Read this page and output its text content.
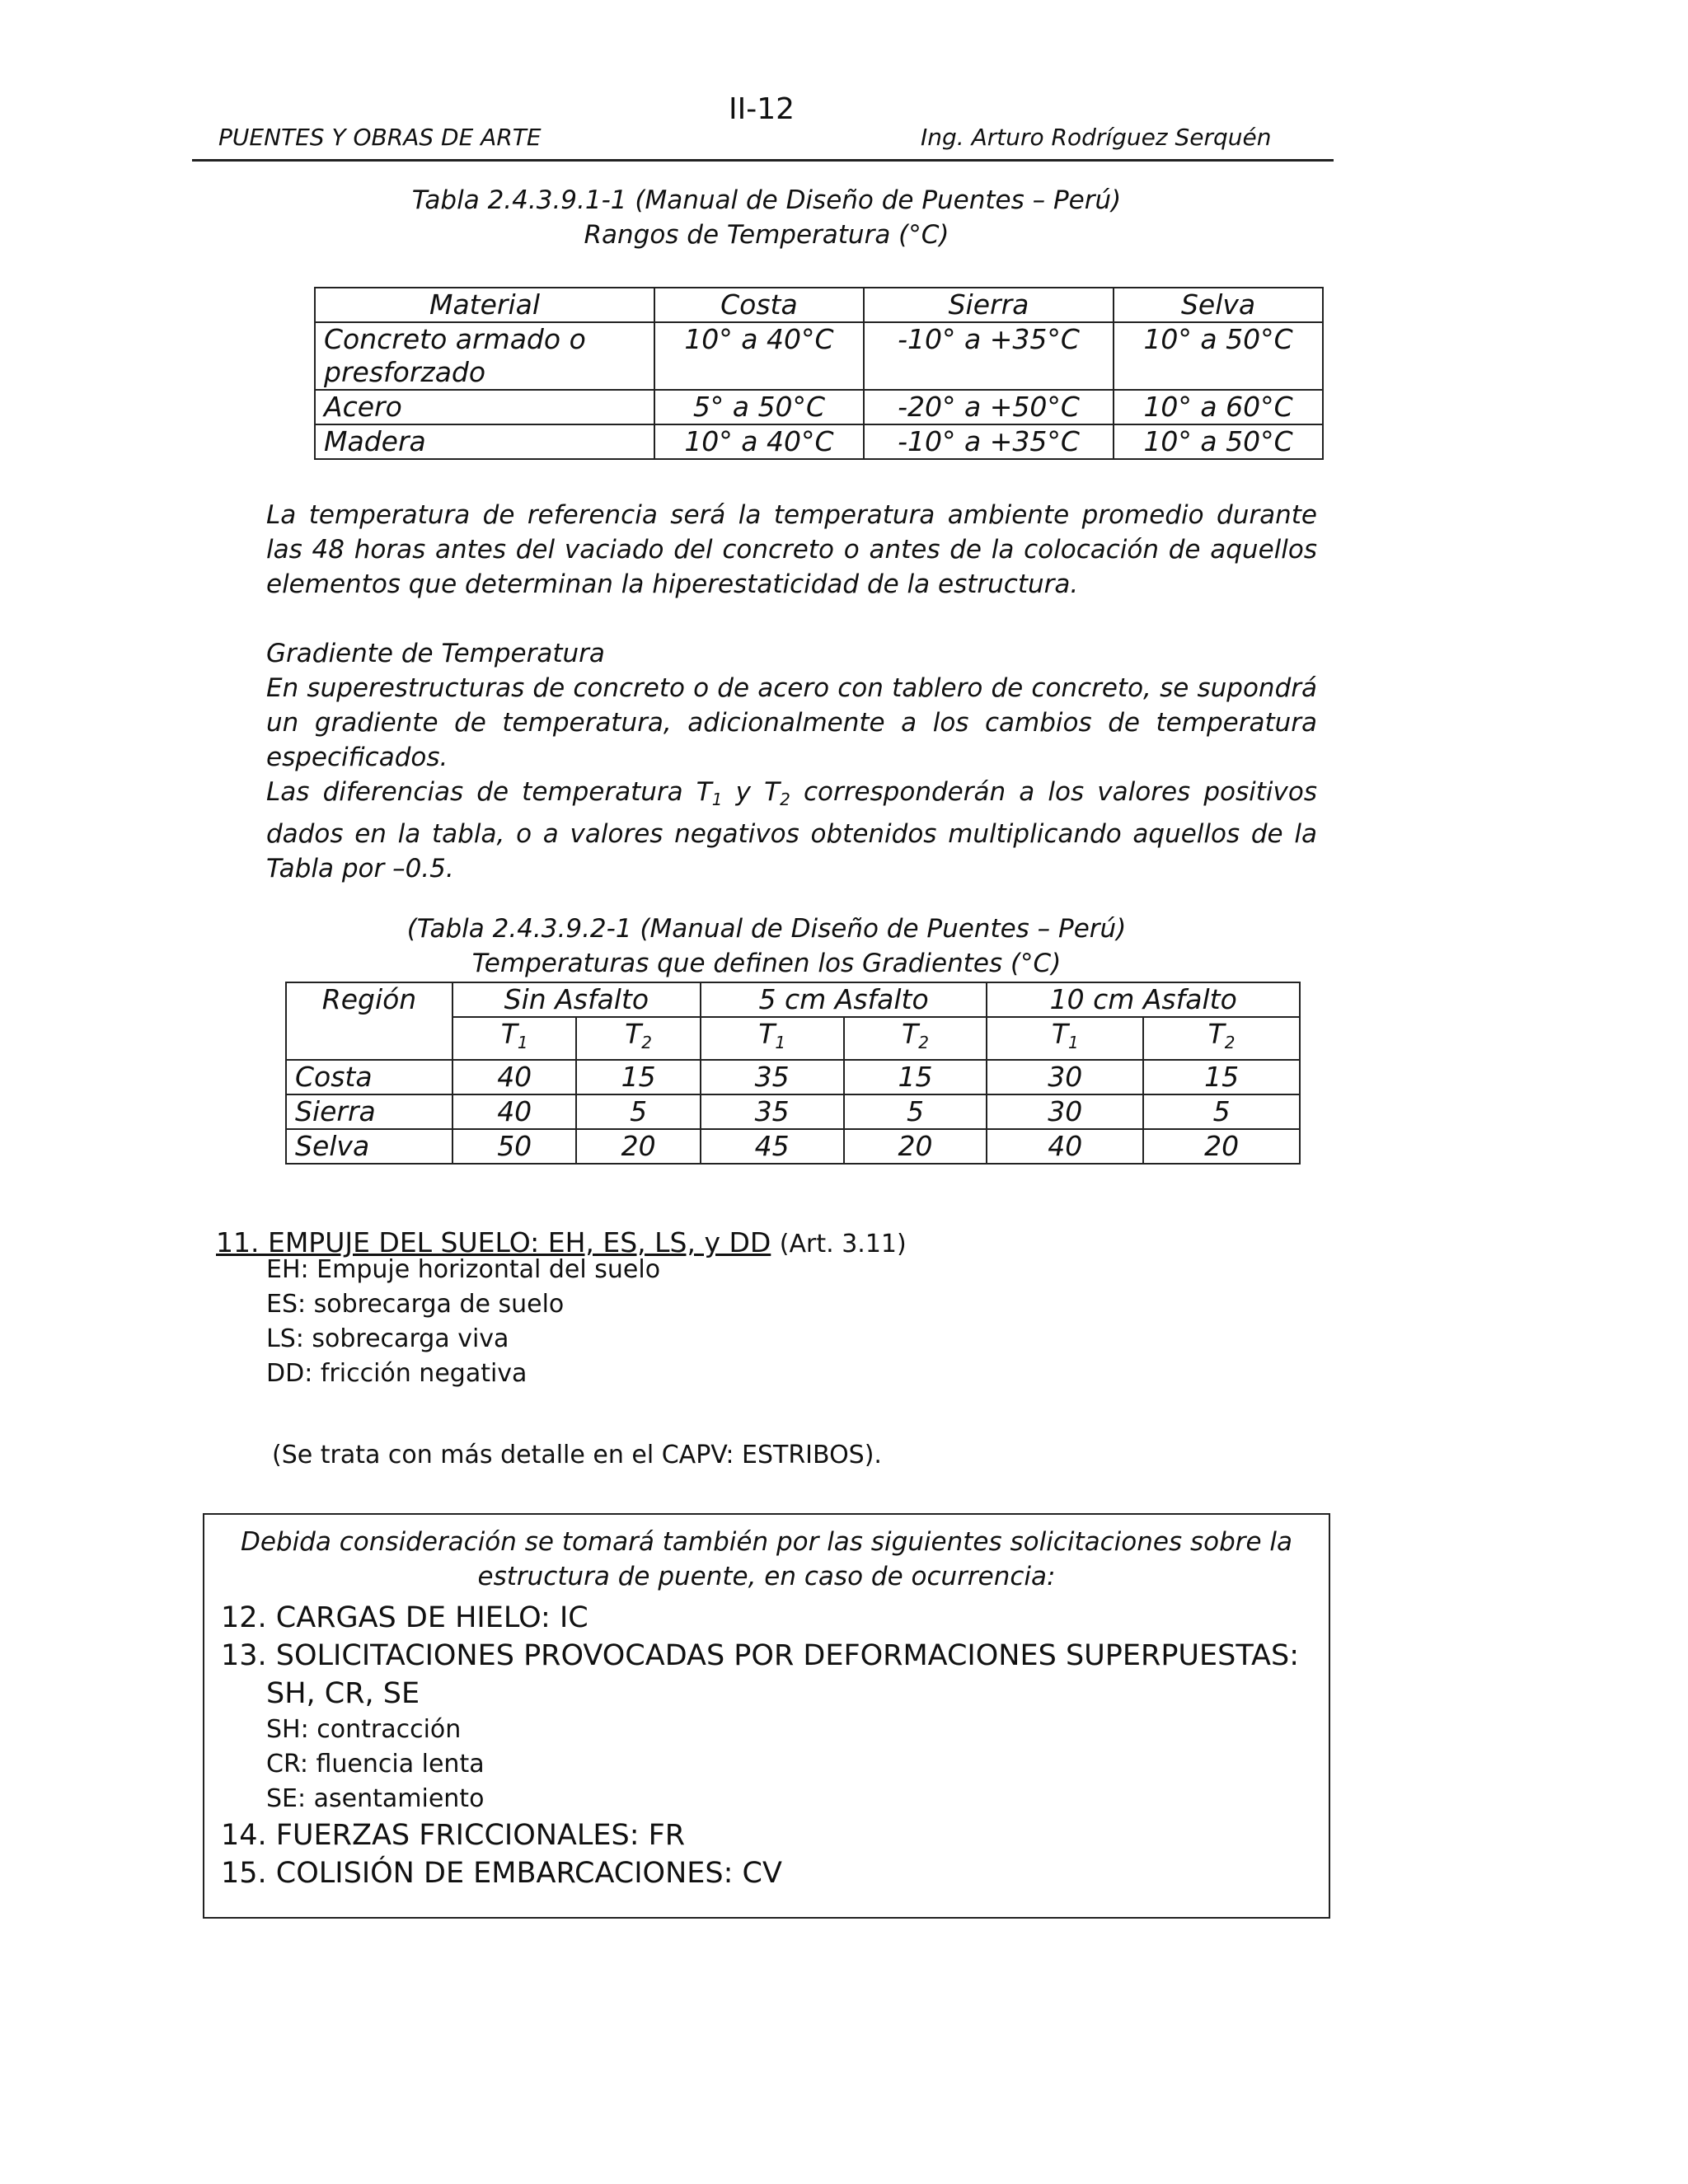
II-12
PUENTES Y OBRAS DE ARTE	Ing. Arturo Rodríguez Serquén
Tabla 2.4.3.9.1-1 (Manual de Diseño de Puentes – Perú)
Rangos de Temperatura (°C)
Material	Costa	Sierra	Selva

Concreto armado o
presforzado	10° a 40°C	-10° a +35°C	10° a 50°C
Acero	5° a 50°C	-20° a +50°C	10° a 60°C
Madera	10° a 40°C	-10° a +35°C	10° a 50°C

La temperatura de referencia será la temperatura ambiente promedio durante las 48 horas antes del vaciado del concreto o antes de la colocación de aquellos elementos que determinan la hiperestaticidad de la estructura.

Gradiente de Temperatura

En superestructuras de concreto o de acero con tablero de concreto, se supondrá un gradiente de temperatura, adicionalmente a los cambios de temperatura especificados.

Las diferencias de temperatura $T_1$ y $T_2$ corresponderán a los valores positivos dados en la tabla, o a valores negativos obtenidos multiplicando aquellos de la Tabla por –0.5.

(Tabla 2.4.3.9.2-1 (Manual de Diseño de Puentes – Perú)
Temperaturas que definen los Gradientes (°C)
Región	Sin Asfalto		5 cm Asfalto		10 cm Asfalto	
	$T_1$	$T_2$	$T_1$	$T_2$	$T_1$	$T_2$
Costa	40	15	35	15	30	15
Sierra	40	5	35	5	30	5
Selva	50	20	45	20	40	20
11. EMPUJE DEL SUELO: EH, ES, LS, y DD (Art. 3.11)
EH: Empuje horizontal del suelo
ES: sobrecarga de suelo
LS: sobrecarga viva
DD: fricción negativa
(Se trata con más detalle en el CAPV: ESTRIBOS).
Debida consideración se tomará también por las siguientes solicitaciones sobre la
estructura de puente, en caso de ocurrencia:
12. CARGAS DE HIELO: IC
13. SOLICITACIONES PROVOCADAS POR DEFORMACIONES SUPERPUESTAS:
SH, CR, SE
SH: contracción
CR: fluencia lenta
SE: asentamiento
14. FUERZAS FRICCIONALES: FR
15. COLISIÓN DE EMBARCACIONES: CV
